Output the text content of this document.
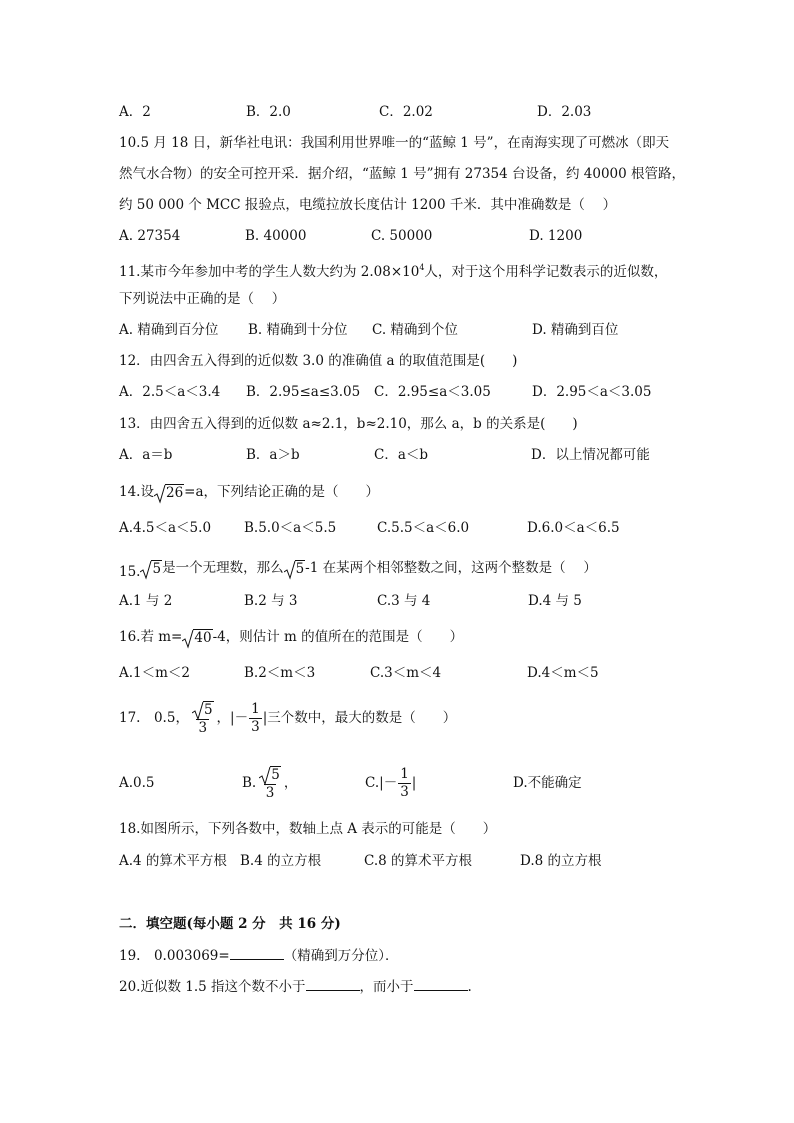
A．2	B．2.0	C．2.02	D．2.03
10.5 月 18 日，新华社电讯：我国利用世界唯一的“蓝鲸 1 号”，在南海实现了可燃冰（即天
然气水合物）的安全可控开采．据介绍，“蓝鲸 1 号”拥有 27354 台设备，约 40000 根管路，
约 50 000 个 MCC 报验点，电缆拉放长度估计 1200 千米．其中准确数是（　 ）
A. 27354	B. 40000	C. 50000	D. 1200
11.某市今年参加中考的学生人数大约为 $2.08\times 10^4$人，对于这个用科学记数表示的近似数，
下列说法中正确的是（　 ）
A. 精确到百分位 B. 精确到十分位 C. 精确到个位	D. 精确到百位
12．由四舍五入得到的近似数 3.0 的准确值 a 的取值范围是(　　)
A．2.5＜a＜3.4 B．2.95≤a≤3.05 C．2.95≤a＜3.05	D．2.95＜a＜3.05
13．由四舍五入得到的近似数 a≈2.1，b≈2.10，那么 a，b 的关系是(　　)
A．a＝b	B．a＞b	C．a＜b	D．以上情况都可能
14.设 26=a，下列结论正确的是（　　）
A.4.5＜a＜5.0 B.5.0＜a＜5.5	C.5.5＜a＜6.0	D.6.0＜a＜6.5
15. 5是一个无理数，那么 5-1 在某两个相邻整数之间，这两个整数是（　 ）
A.1 与 2	B.2 与 3	C.3 与 4	D.4 与 5
16.若 m= 40-4，则估计 m 的值所在的范围是（　　）
A.1＜m＜2	B.2＜m＜3	C.3＜m＜4	D.4＜m＜5
17.　0.5， $\frac{5}{3}$ ，|－ $\frac{1}{3}$ |三个数中，最大的数是（　　）
A.0.5	B. $\frac{5}{3}$ ，	$C.|- \frac{1}{3}$ |	D.不能确定
18.如图所示，下列各数中，数轴上点 A 表示的可能是（　　）
A.4 的算术平方根 B.4 的立方根	C.8 的算术平方根	D.8 的立方根
二．填空题(每小题 2 分　共 16 分)
19.　0.003069=	（精确到万分位）．
20.近似数 1.5 指这个数不小于	，而小于	.
